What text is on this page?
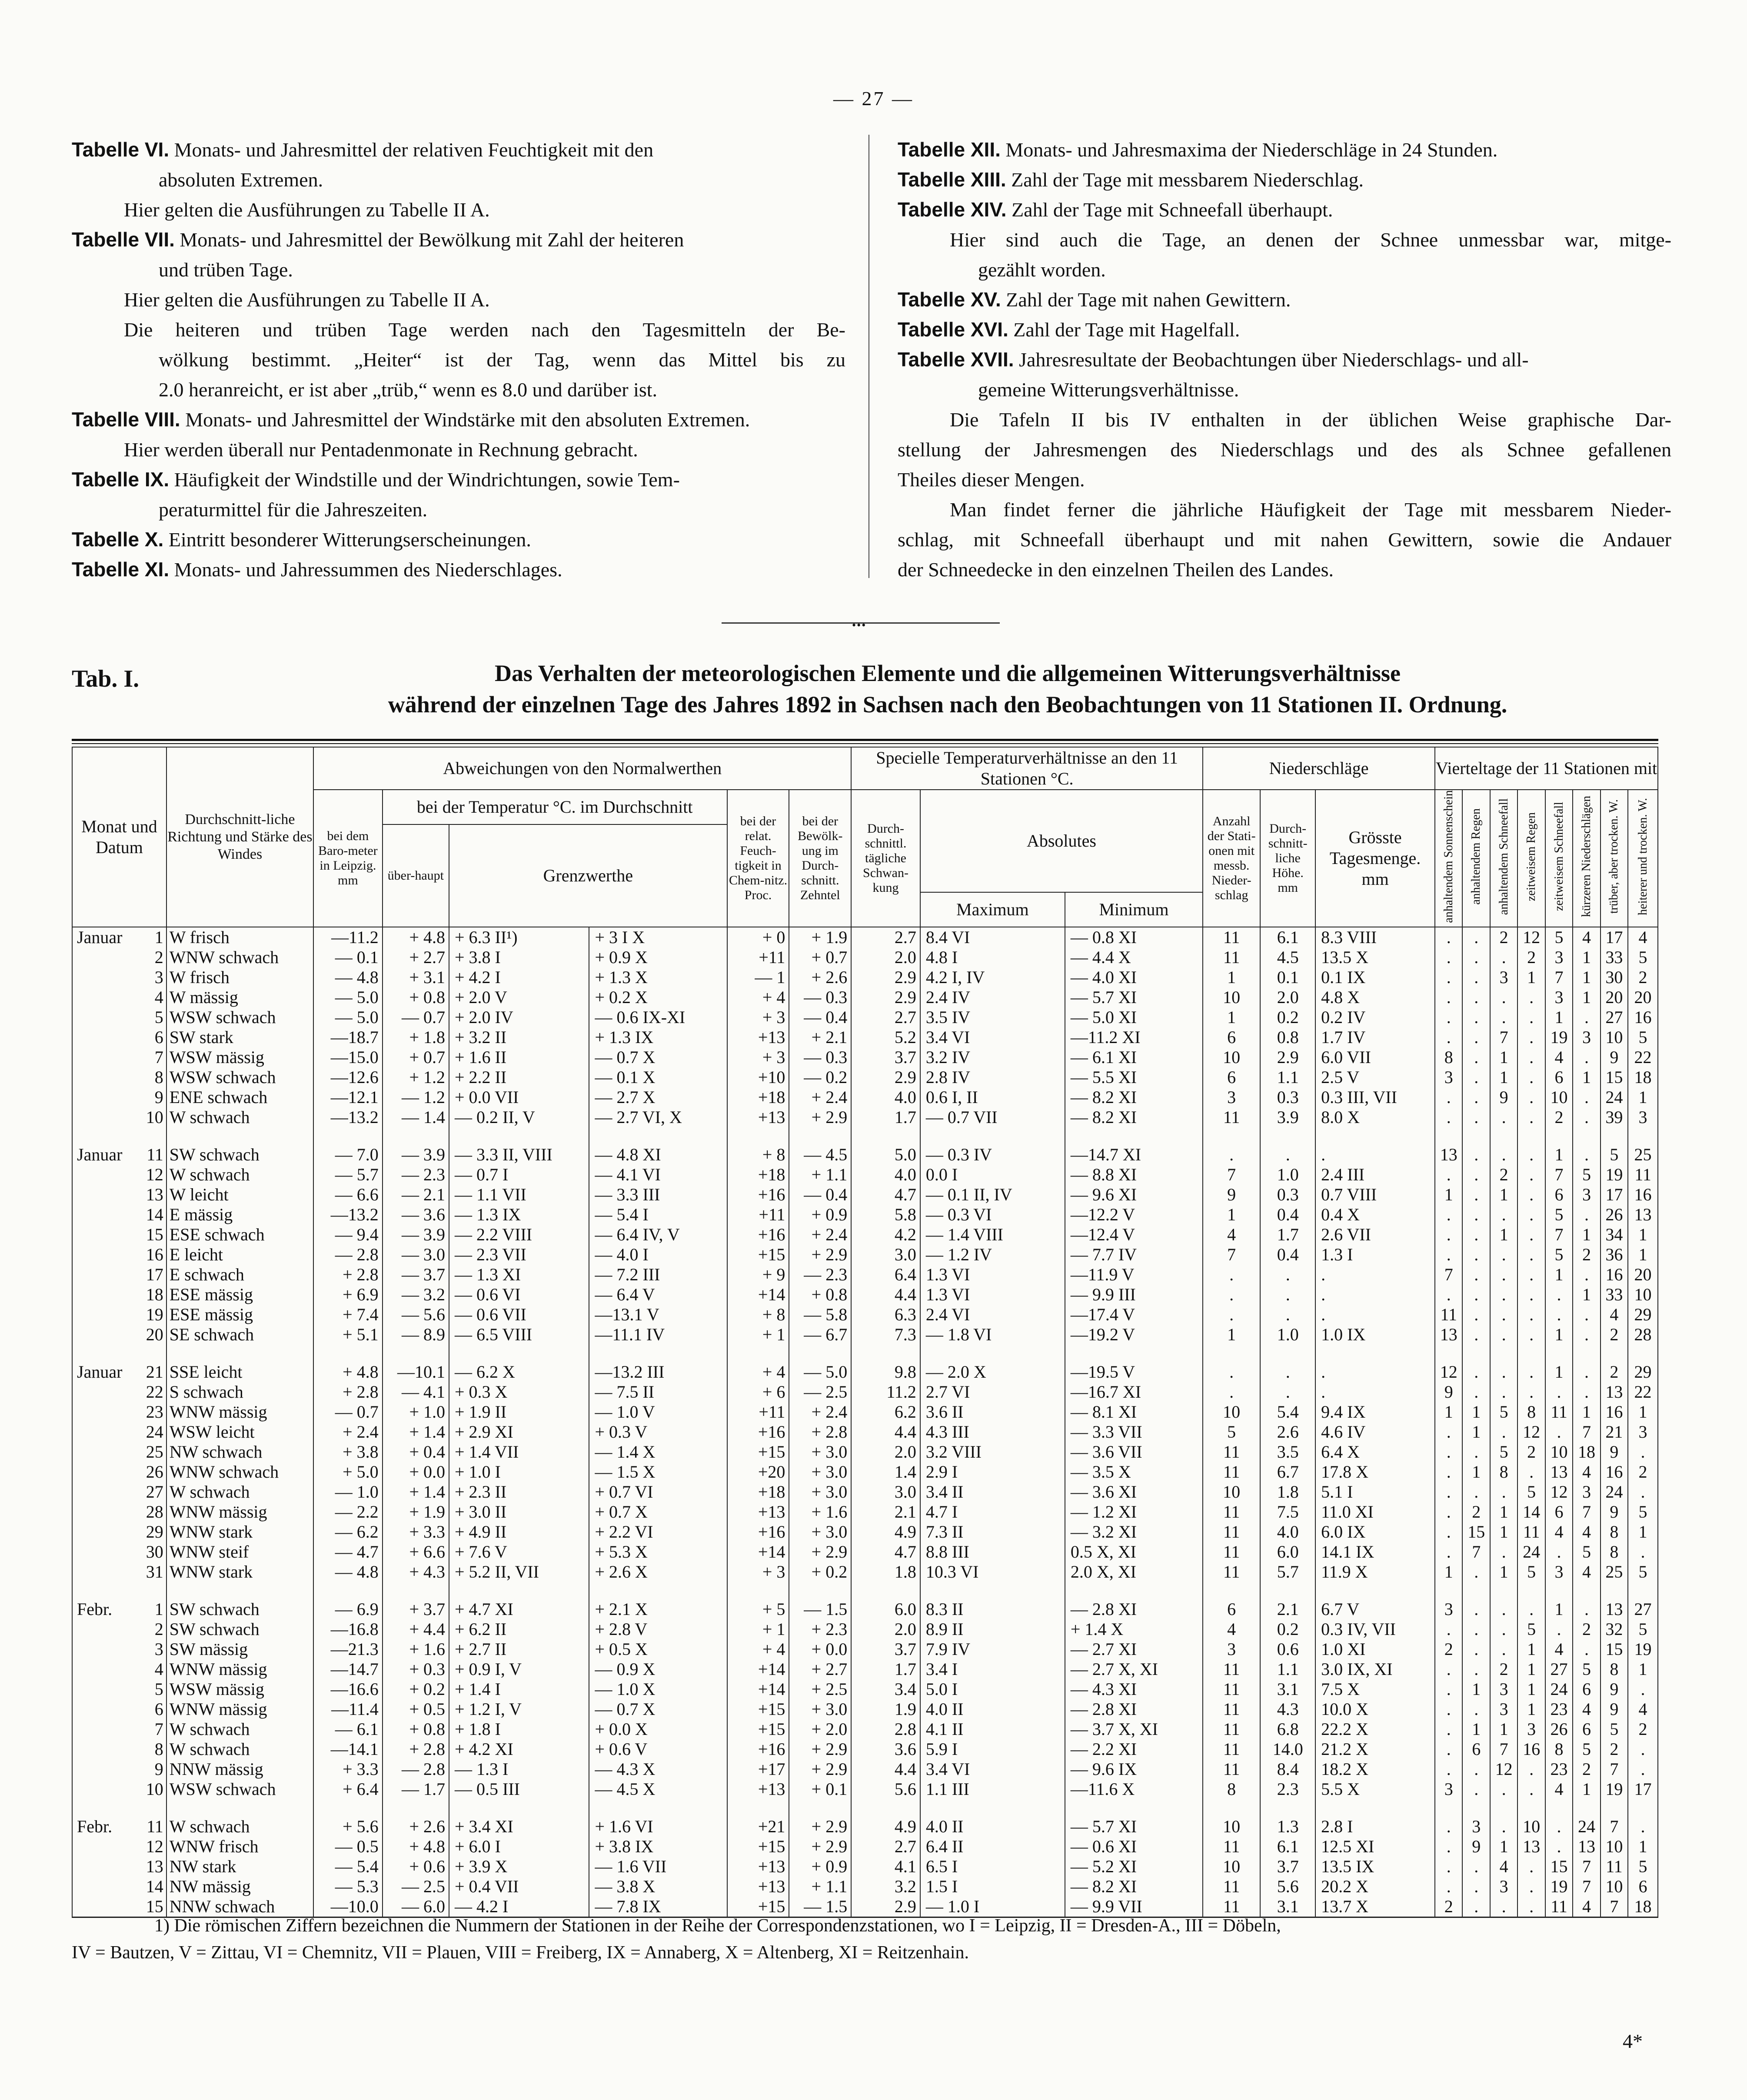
— 27 —
Tabelle VI. Monats- und Jahresmittel der relativen Feuchtigkeit mit den
absoluten Extremen.
Hier gelten die Ausführungen zu Tabelle II A.
Tabelle VII. Monats- und Jahresmittel der Bewölkung mit Zahl der heiteren
und trüben Tage.
Hier gelten die Ausführungen zu Tabelle II A.
Die heiteren und trüben Tage werden nach den Tagesmitteln der Be-
wölkung bestimmt. „Heiter“ ist der Tag, wenn das Mittel bis zu
2.0 heranreicht, er ist aber „trüb,“ wenn es 8.0 und darüber ist.
Tabelle VIII. Monats- und Jahresmittel der Windstärke mit den absoluten Extremen.
Hier werden überall nur Pentadenmonate in Rechnung gebracht.
Tabelle IX. Häufigkeit der Windstille und der Windrichtungen, sowie Tem-
peraturmittel für die Jahreszeiten.
Tabelle X. Eintritt besonderer Witterungserscheinungen.
Tabelle XI. Monats- und Jahressummen des Niederschlages.
Tabelle XII. Monats- und Jahresmaxima der Niederschläge in 24 Stunden.
Tabelle XIII. Zahl der Tage mit messbarem Niederschlag.
Tabelle XIV. Zahl der Tage mit Schneefall überhaupt.
Hier sind auch die Tage, an denen der Schnee unmessbar war, mitge-
gezählt worden.
Tabelle XV. Zahl der Tage mit nahen Gewittern.
Tabelle XVI. Zahl der Tage mit Hagelfall.
Tabelle XVII. Jahresresultate der Beobachtungen über Niederschlags- und all-
gemeine Witterungsverhältnisse.
Die Tafeln II bis IV enthalten in der üblichen Weise graphische Dar-
stellung der Jahresmengen des Niederschlags und des als Schnee gefallenen
Theiles dieser Mengen.
Man findet ferner die jährliche Häufigkeit der Tage mit messbarem Nieder-
schlag, mit Schneefall überhaupt und mit nahen Gewittern, sowie die Andauer
der Schneedecke in den einzelnen Theilen des Landes.
•••
Tab. I.	Das Verhalten der meteorologischen Elemente und die allgemeinen Witterungsverhältnisse
während der einzelnen Tage des Jahres 1892 in Sachsen nach den Beobachtungen von 11 Stationen II. Ordnung.
Monat und Datum	Durchschnitt-liche Richtung und Stärke des Windes	Abweichungen von den Normalwerthen						Specielle Temperaturverhältnisse an den 11 Stationen °C.			Niederschläge			Vierteltage der 11 Stationen mit							
		bei dem Baro-meter in Leipzig. mm	bei der Temperatur °C. im Durchschnitt			bei der relat. Feuch-tigkeit in Chem-nitz. Proc.	bei der Bewölk-ung im Durch-schnitt. Zehntel	Durch-schnittl. tägliche Schwan-kung	Absolutes		Anzahl der Stati-onen mit messb. Nieder-schlag	Durch-schnitt-liche Höhe. mm	Grösste Tagesmenge. mm	anhaltendem Sonnenschein	anhaltendem Regen	anhaltendem Schneefall	zeitweisem Regen	zeitweisem Schneefall	kürzeren Niederschlägen	trüber, aber trocken. W.	heiterer und trocken. W.
			über-haupt	Grenzwerthe																	
									Maximum	Minimum											

Januar 1	W frisch	—11.2	+ 4.8	+ 6.3 II¹)	+ 3 I X	+ 0	+ 1.9	2.7	8.4 VI	— 0.8 XI	11	6.1	8.3 VIII	.	.	2	12	5	4	17	4

2	WNW schwach	— 0.1	+ 2.7	+ 3.8 I	+ 0.9 X	+11	+ 0.7	2.0	4.8 I	— 4.4 X	11	4.5	13.5 X	.	.	.	2	3	1	33	5

3	W frisch	— 4.8	+ 3.1	+ 4.2 I	+ 1.3 X	— 1	+ 2.6	2.9	4.2 I, IV	— 4.0 XI	1	0.1	0.1 IX	.	.	3	1	7	1	30	2

4	W mässig	— 5.0	+ 0.8	+ 2.0 V	+ 0.2 X	+ 4	— 0.3	2.9	2.4 IV	— 5.7 XI	10	2.0	4.8 X	.	.	.	.	3	1	20	20

5	WSW schwach	— 5.0	— 0.7	+ 2.0 IV	— 0.6 IX-XI	+ 3	— 0.4	2.7	3.5 IV	— 5.0 XI	1	0.2	0.2 IV	.	.	.	.	1	.	27	16

6	SW stark	—18.7	+ 1.8	+ 3.2 II	+ 1.3 IX	+13	+ 2.1	5.2	3.4 VI	—11.2 XI	6	0.8	1.7 IV	.	.	7	.	19	3	10	5

7	WSW mässig	—15.0	+ 0.7	+ 1.6 II	— 0.7 X	+ 3	— 0.3	3.7	3.2 IV	— 6.1 XI	10	2.9	6.0 VII	8	.	1	.	4	.	9	22

8	WSW schwach	—12.6	+ 1.2	+ 2.2 II	— 0.1 X	+10	— 0.2	2.9	2.8 IV	— 5.5 XI	6	1.1	2.5 V	3	.	1	.	6	1	15	18

9	ENE schwach	—12.1	— 1.2	+ 0.0 VII	— 2.7 X	+18	+ 2.4	4.0	0.6 I, II	— 8.2 XI	3	0.3	0.3 III, VII	.	.	9	.	10	.	24	1

10	W schwach	—13.2	— 1.4	— 0.2 II, V	— 2.7 VI, X	+13	+ 2.9	1.7	— 0.7 VII	— 8.2 XI	11	3.9	8.0 X	.	.	.	.	2	.	39	3

Januar 11	SW schwach	— 7.0	— 3.9	— 3.3 II, VIII	— 4.8 XI	+ 8	— 4.5	5.0	— 0.3 IV	—14.7 XI	.	.	.	13	.	.	.	1	.	5	25

12	W schwach	— 5.7	— 2.3	— 0.7 I	— 4.1 VI	+18	+ 1.1	4.0	0.0 I	— 8.8 XI	7	1.0	2.4 III	.	.	2	.	7	5	19	11

13	W leicht	— 6.6	— 2.1	— 1.1 VII	— 3.3 III	+16	— 0.4	4.7	— 0.1 II, IV	— 9.6 XI	9	0.3	0.7 VIII	1	.	1	.	6	3	17	16

14	E mässig	—13.2	— 3.6	— 1.3 IX	— 5.4 I	+11	+ 0.9	5.8	— 0.3 VI	—12.2 V	1	0.4	0.4 X	.	.	.	.	5	.	26	13

15	ESE schwach	— 9.4	— 3.9	— 2.2 VIII	— 6.4 IV, V	+16	+ 2.4	4.2	— 1.4 VIII	—12.4 V	4	1.7	2.6 VII	.	.	1	.	7	1	34	1

16	E leicht	— 2.8	— 3.0	— 2.3 VII	— 4.0 I	+15	+ 2.9	3.0	— 1.2 IV	— 7.7 IV	7	0.4	1.3 I	.	.	.	.	5	2	36	1

17	E schwach	+ 2.8	— 3.7	— 1.3 XI	— 7.2 III	+ 9	— 2.3	6.4	1.3 VI	—11.9 V	.	.	.	7	.	.	.	1	.	16	20

18	ESE mässig	+ 6.9	— 3.2	— 0.6 VI	— 6.4 V	+14	+ 0.8	4.4	1.3 VI	— 9.9 III	.	.	.	.	.	.	.	.	1	33	10

19	ESE mässig	+ 7.4	— 5.6	— 0.6 VII	—13.1 V	+ 8	— 5.8	6.3	2.4 VI	—17.4 V	.	.	.	11	.	.	.	.	.	4	29

20	SE schwach	+ 5.1	— 8.9	— 6.5 VIII	—11.1 IV	+ 1	— 6.7	7.3	— 1.8 VI	—19.2 V	1	1.0	1.0 IX	13	.	.	.	1	.	2	28

Januar 21	SSE leicht	+ 4.8	—10.1	— 6.2 X	—13.2 III	+ 4	— 5.0	9.8	— 2.0 X	—19.5 V	.	.	.	12	.	.	.	1	.	2	29

22	S schwach	+ 2.8	— 4.1	+ 0.3 X	— 7.5 II	+ 6	— 2.5	11.2	2.7 VI	—16.7 XI	.	.	.	9	.	.	.	.	.	13	22

23	WNW mässig	— 0.7	+ 1.0	+ 1.9 II	— 1.0 V	+11	+ 2.4	6.2	3.6 II	— 8.1 XI	10	5.4	9.4 IX	1	1	5	8	11	1	16	1

24	WSW leicht	+ 2.4	+ 1.4	+ 2.9 XI	+ 0.3 V	+16	+ 2.8	4.4	4.3 III	— 3.3 VII	5	2.6	4.6 IV	.	1	.	12	.	7	21	3

25	NW schwach	+ 3.8	+ 0.4	+ 1.4 VII	— 1.4 X	+15	+ 3.0	2.0	3.2 VIII	— 3.6 VII	11	3.5	6.4 X	.	.	5	2	10	18	9	.

26	WNW schwach	+ 5.0	+ 0.0	+ 1.0 I	— 1.5 X	+20	+ 3.0	1.4	2.9 I	— 3.5 X	11	6.7	17.8 X	.	1	8	.	13	4	16	2

27	W schwach	— 1.0	+ 1.4	+ 2.3 II	+ 0.7 VI	+18	+ 3.0	3.0	3.4 II	— 3.6 XI	10	1.8	5.1 I	.	.	.	5	12	3	24	.

28	WNW mässig	— 2.2	+ 1.9	+ 3.0 II	+ 0.7 X	+13	+ 1.6	2.1	4.7 I	— 1.2 XI	11	7.5	11.0 XI	.	2	1	14	6	7	9	5

29	WNW stark	— 6.2	+ 3.3	+ 4.9 II	+ 2.2 VI	+16	+ 3.0	4.9	7.3 II	— 3.2 XI	11	4.0	6.0 IX	.	15	1	11	4	4	8	1

30	WNW steif	— 4.7	+ 6.6	+ 7.6 V	+ 5.3 X	+14	+ 2.9	4.7	8.8 III	0.5 X, XI	11	6.0	14.1 IX	.	7	.	24	.	5	8	.

31	WNW stark	— 4.8	+ 4.3	+ 5.2 II, VII	+ 2.6 X	+ 3	+ 0.2	1.8	10.3 VI	2.0 X, XI	11	5.7	11.9 X	1	.	1	5	3	4	25	5

Febr. 1	SW schwach	— 6.9	+ 3.7	+ 4.7 XI	+ 2.1 X	+ 5	— 1.5	6.0	8.3 II	— 2.8 XI	6	2.1	6.7 V	3	.	.	.	1	.	13	27

2	SW schwach	—16.8	+ 4.4	+ 6.2 II	+ 2.8 V	+ 1	+ 2.3	2.0	8.9 II	+ 1.4 X	4	0.2	0.3 IV, VII	.	.	.	5	.	2	32	5

3	SW mässig	—21.3	+ 1.6	+ 2.7 II	+ 0.5 X	+ 4	+ 0.0	3.7	7.9 IV	— 2.7 XI	3	0.6	1.0 XI	2	.	.	1	4	.	15	19

4	WNW mässig	—14.7	+ 0.3	+ 0.9 I, V	— 0.9 X	+14	+ 2.7	1.7	3.4 I	— 2.7 X, XI	11	1.1	3.0 IX, XI	.	.	2	1	27	5	8	1

5	WSW mässig	—16.6	+ 0.2	+ 1.4 I	— 1.0 X	+14	+ 2.5	3.4	5.0 I	— 4.3 XI	11	3.1	7.5 X	.	1	3	1	24	6	9	.

6	WNW mässig	—11.4	+ 0.5	+ 1.2 I, V	— 0.7 X	+15	+ 3.0	1.9	4.0 II	— 2.8 XI	11	4.3	10.0 X	.	.	3	1	23	4	9	4

7	W schwach	— 6.1	+ 0.8	+ 1.8 I	+ 0.0 X	+15	+ 2.0	2.8	4.1 II	— 3.7 X, XI	11	6.8	22.2 X	.	1	1	3	26	6	5	2

8	W schwach	—14.1	+ 2.8	+ 4.2 XI	+ 0.6 V	+16	+ 2.9	3.6	5.9 I	— 2.2 XI	11	14.0	21.2 X	.	6	7	16	8	5	2	.

9	NNW mässig	+ 3.3	— 2.8	— 1.3 I	— 4.3 X	+17	+ 2.9	4.4	3.4 VI	— 9.6 IX	11	8.4	18.2 X	.	.	12	.	23	2	7	.

10	WSW schwach	+ 6.4	— 1.7	— 0.5 III	— 4.5 X	+13	+ 0.1	5.6	1.1 III	—11.6 X	8	2.3	5.5 X	3	.	.	.	4	1	19	17

Febr. 11	W schwach	+ 5.6	+ 2.6	+ 3.4 XI	+ 1.6 VI	+21	+ 2.9	4.9	4.0 II	— 5.7 XI	10	1.3	2.8 I	.	3	.	10	.	24	7	.

12	WNW frisch	— 0.5	+ 4.8	+ 6.0 I	+ 3.8 IX	+15	+ 2.9	2.7	6.4 II	— 0.6 XI	11	6.1	12.5 XI	.	9	1	13	.	13	10	1

13	NW stark	— 5.4	+ 0.6	+ 3.9 X	— 1.6 VII	+13	+ 0.9	4.1	6.5 I	— 5.2 XI	10	3.7	13.5 IX	.	.	4	.	15	7	11	5

14	NW mässig	— 5.3	— 2.5	+ 0.4 VII	— 3.8 X	+13	+ 1.1	3.2	1.5 I	— 8.2 XI	11	5.6	20.2 X	.	.	3	.	19	7	10	6

15	NNW schwach	—10.0	— 6.0	— 4.2 I	— 7.8 IX	+15	— 1.5	2.9	— 1.0 I	— 9.9 VII	11	3.1	13.7 X	2	.	.	.	11	4	7	18
1) Die römischen Ziffern bezeichnen die Nummern der Stationen in der Reihe der Correspondenzstationen, wo I = Leipzig, II = Dresden-A., III = Döbeln,
IV = Bautzen, V = Zittau, VI = Chemnitz, VII = Plauen, VIII = Freiberg, IX = Annaberg, X = Altenberg, XI = Reitzenhain.
4*
